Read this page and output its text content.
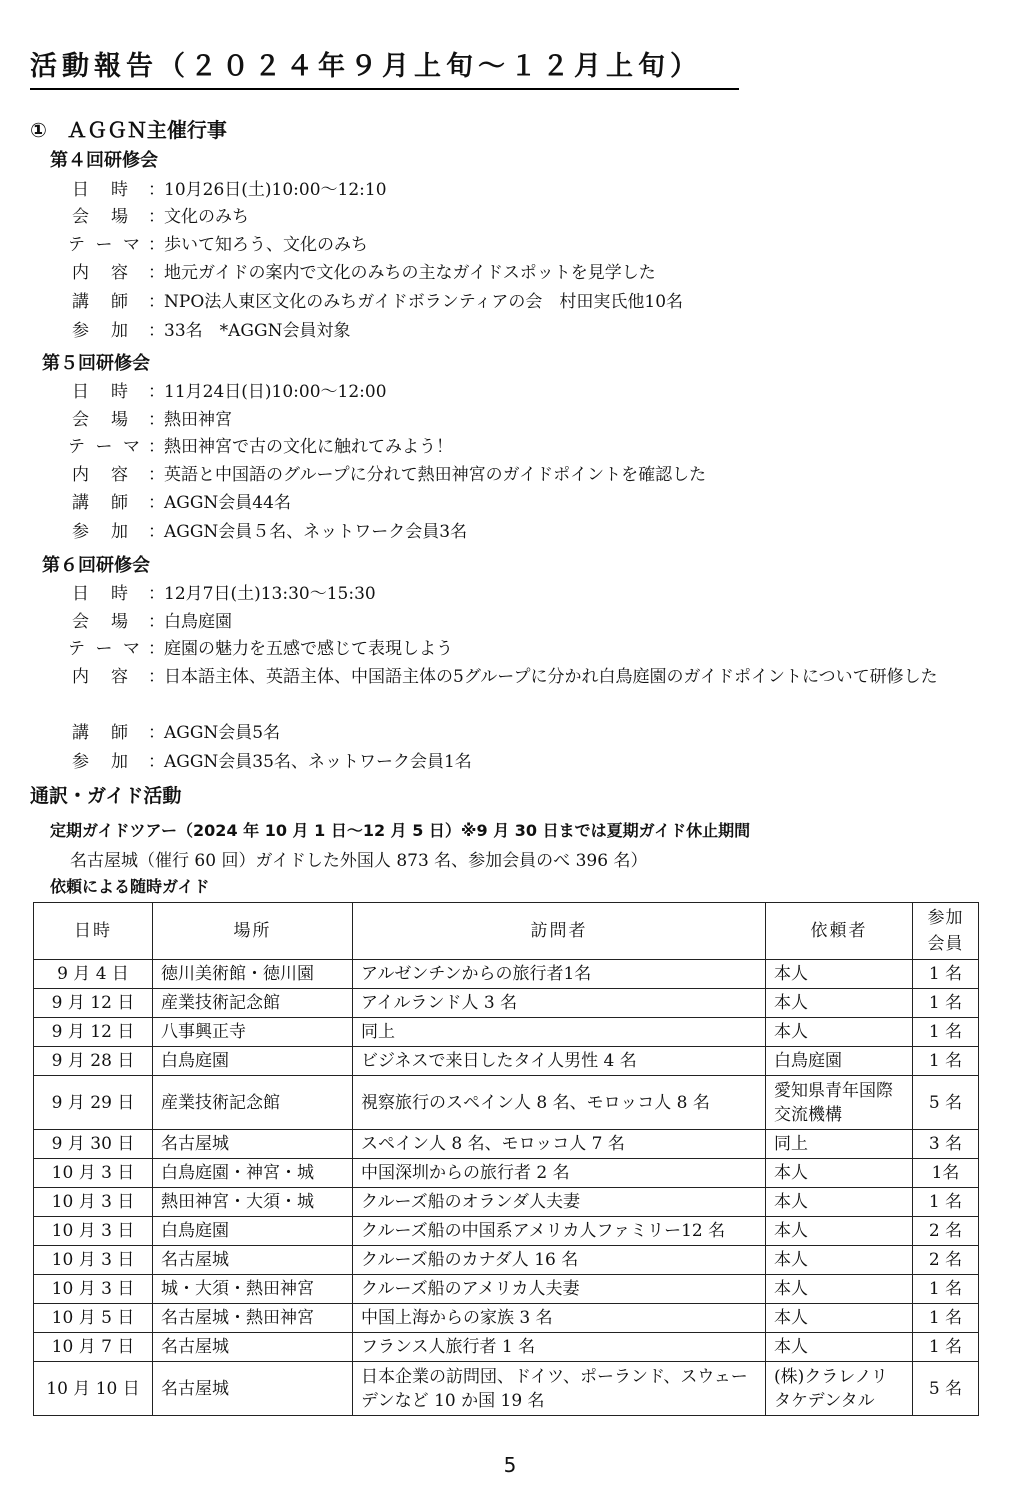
活動報告（２０２４年９月上旬～１２月上旬）
①　ＡＧＧＮ主催行事
第４回研修会
日時 ： 10月26日(土)10:00～12:10
会場 ： 文化のみち
テーマ ： 歩いて知ろう、文化のみち
内容 ： 地元ガイドの案内で文化のみちの主なガイドスポットを見学した
講師 ： NPO法人東区文化のみちガイドボランティアの会　村田実氏他10名
参加 ： 33名　*AGGN会員対象
第５回研修会
日時 ： 11月24日(日)10:00～12:00
会場 ： 熱田神宮
テーマ ： 熱田神宮で古の文化に触れてみよう！
内容 ： 英語と中国語のグループに分れて熱田神宮のガイドポイントを確認した
講師 ： AGGN会員44名
参加 ： AGGN会員５名、ネットワーク会員3名
第６回研修会
日時 ： 12月7日(土)13:30～15:30
会場 ： 白鳥庭園
テーマ ： 庭園の魅力を五感で感じて表現しよう
内容 ： 日本語主体、英語主体、中国語主体の5グループに分かれ白鳥庭園のガイドポイントについて研修した
講師 ： AGGN会員5名
参加 ： AGGN会員35名、ネットワーク会員1名
通訳・ガイド活動
定期ガイドツアー（2024 年 10 月 1 日～12 月 5 日）※9 月 30 日までは夏期ガイド休止期間
名古屋城（催行 60 回）ガイドした外国人 873 名、参加会員のべ 396 名）
依頼による随時ガイド
日時	場所	訪問者	依頼者	参加会員
9 月 4 日	徳川美術館・徳川園	アルゼンチンからの旅行者1名	本人	1 名
9 月 12 日	産業技術記念館	アイルランド人 3 名	本人	1 名
9 月 12 日	八事興正寺	同上	本人	1 名
9 月 28 日	白鳥庭園	ビジネスで来日したタイ人男性 4 名	白鳥庭園	1 名
9 月 29 日	産業技術記念館	視察旅行のスペイン人 8 名、モロッコ人 8 名	愛知県青年国際交流機構	5 名
9 月 30 日	名古屋城	スペイン人 8 名、モロッコ人 7 名	同上	3 名
10 月 3 日	白鳥庭園・神宮・城	中国深圳からの旅行者 2 名	本人	1名
10 月 3 日	熱田神宮・大須・城	クルーズ船のオランダ人夫妻	本人	1 名
10 月 3 日	白鳥庭園	クルーズ船の中国系アメリカ人ファミリー12 名	本人	2 名
10 月 3 日	名古屋城	クルーズ船のカナダ人 16 名	本人	2 名
10 月 3 日	城・大須・熱田神宮	クルーズ船のアメリカ人夫妻	本人	1 名
10 月 5 日	名古屋城・熱田神宮	中国上海からの家族 3 名	本人	1 名
10 月 7 日	名古屋城	フランス人旅行者 1 名	本人	1 名
10 月 10 日	名古屋城	日本企業の訪問団、ドイツ、ポーランド、スウェーデンなど 10 か国 19 名	(株)クラレノリタケデンタル	5 名
5
